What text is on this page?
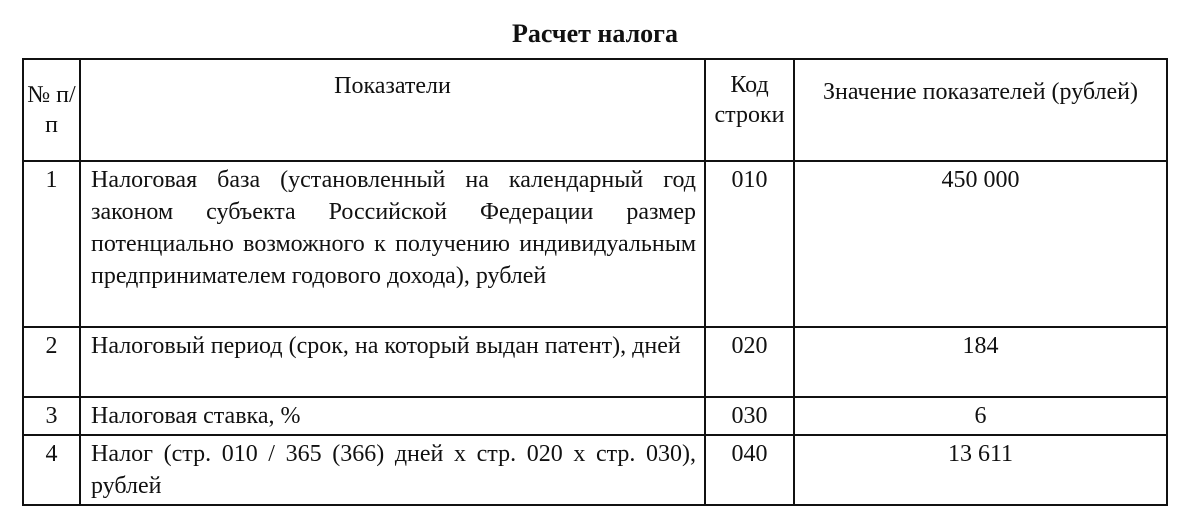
Расчет налога
№ п/п	Показатели	Код строки	Значение показателей (рублей)
1	Налоговая база (установленный на календарный год законом субъекта Российской Федерации размер потенциально возможного к получению индивидуальным предпринимателем годового дохода), рублей	010	450 000
2	Налоговый период (срок, на который выдан патент), дней	020	184
3	Налоговая ставка, %	030	6
4	Налог (стр. 010 / 365 (366) дней х стр. 020 х стр. 030), рублей	040	13 611
